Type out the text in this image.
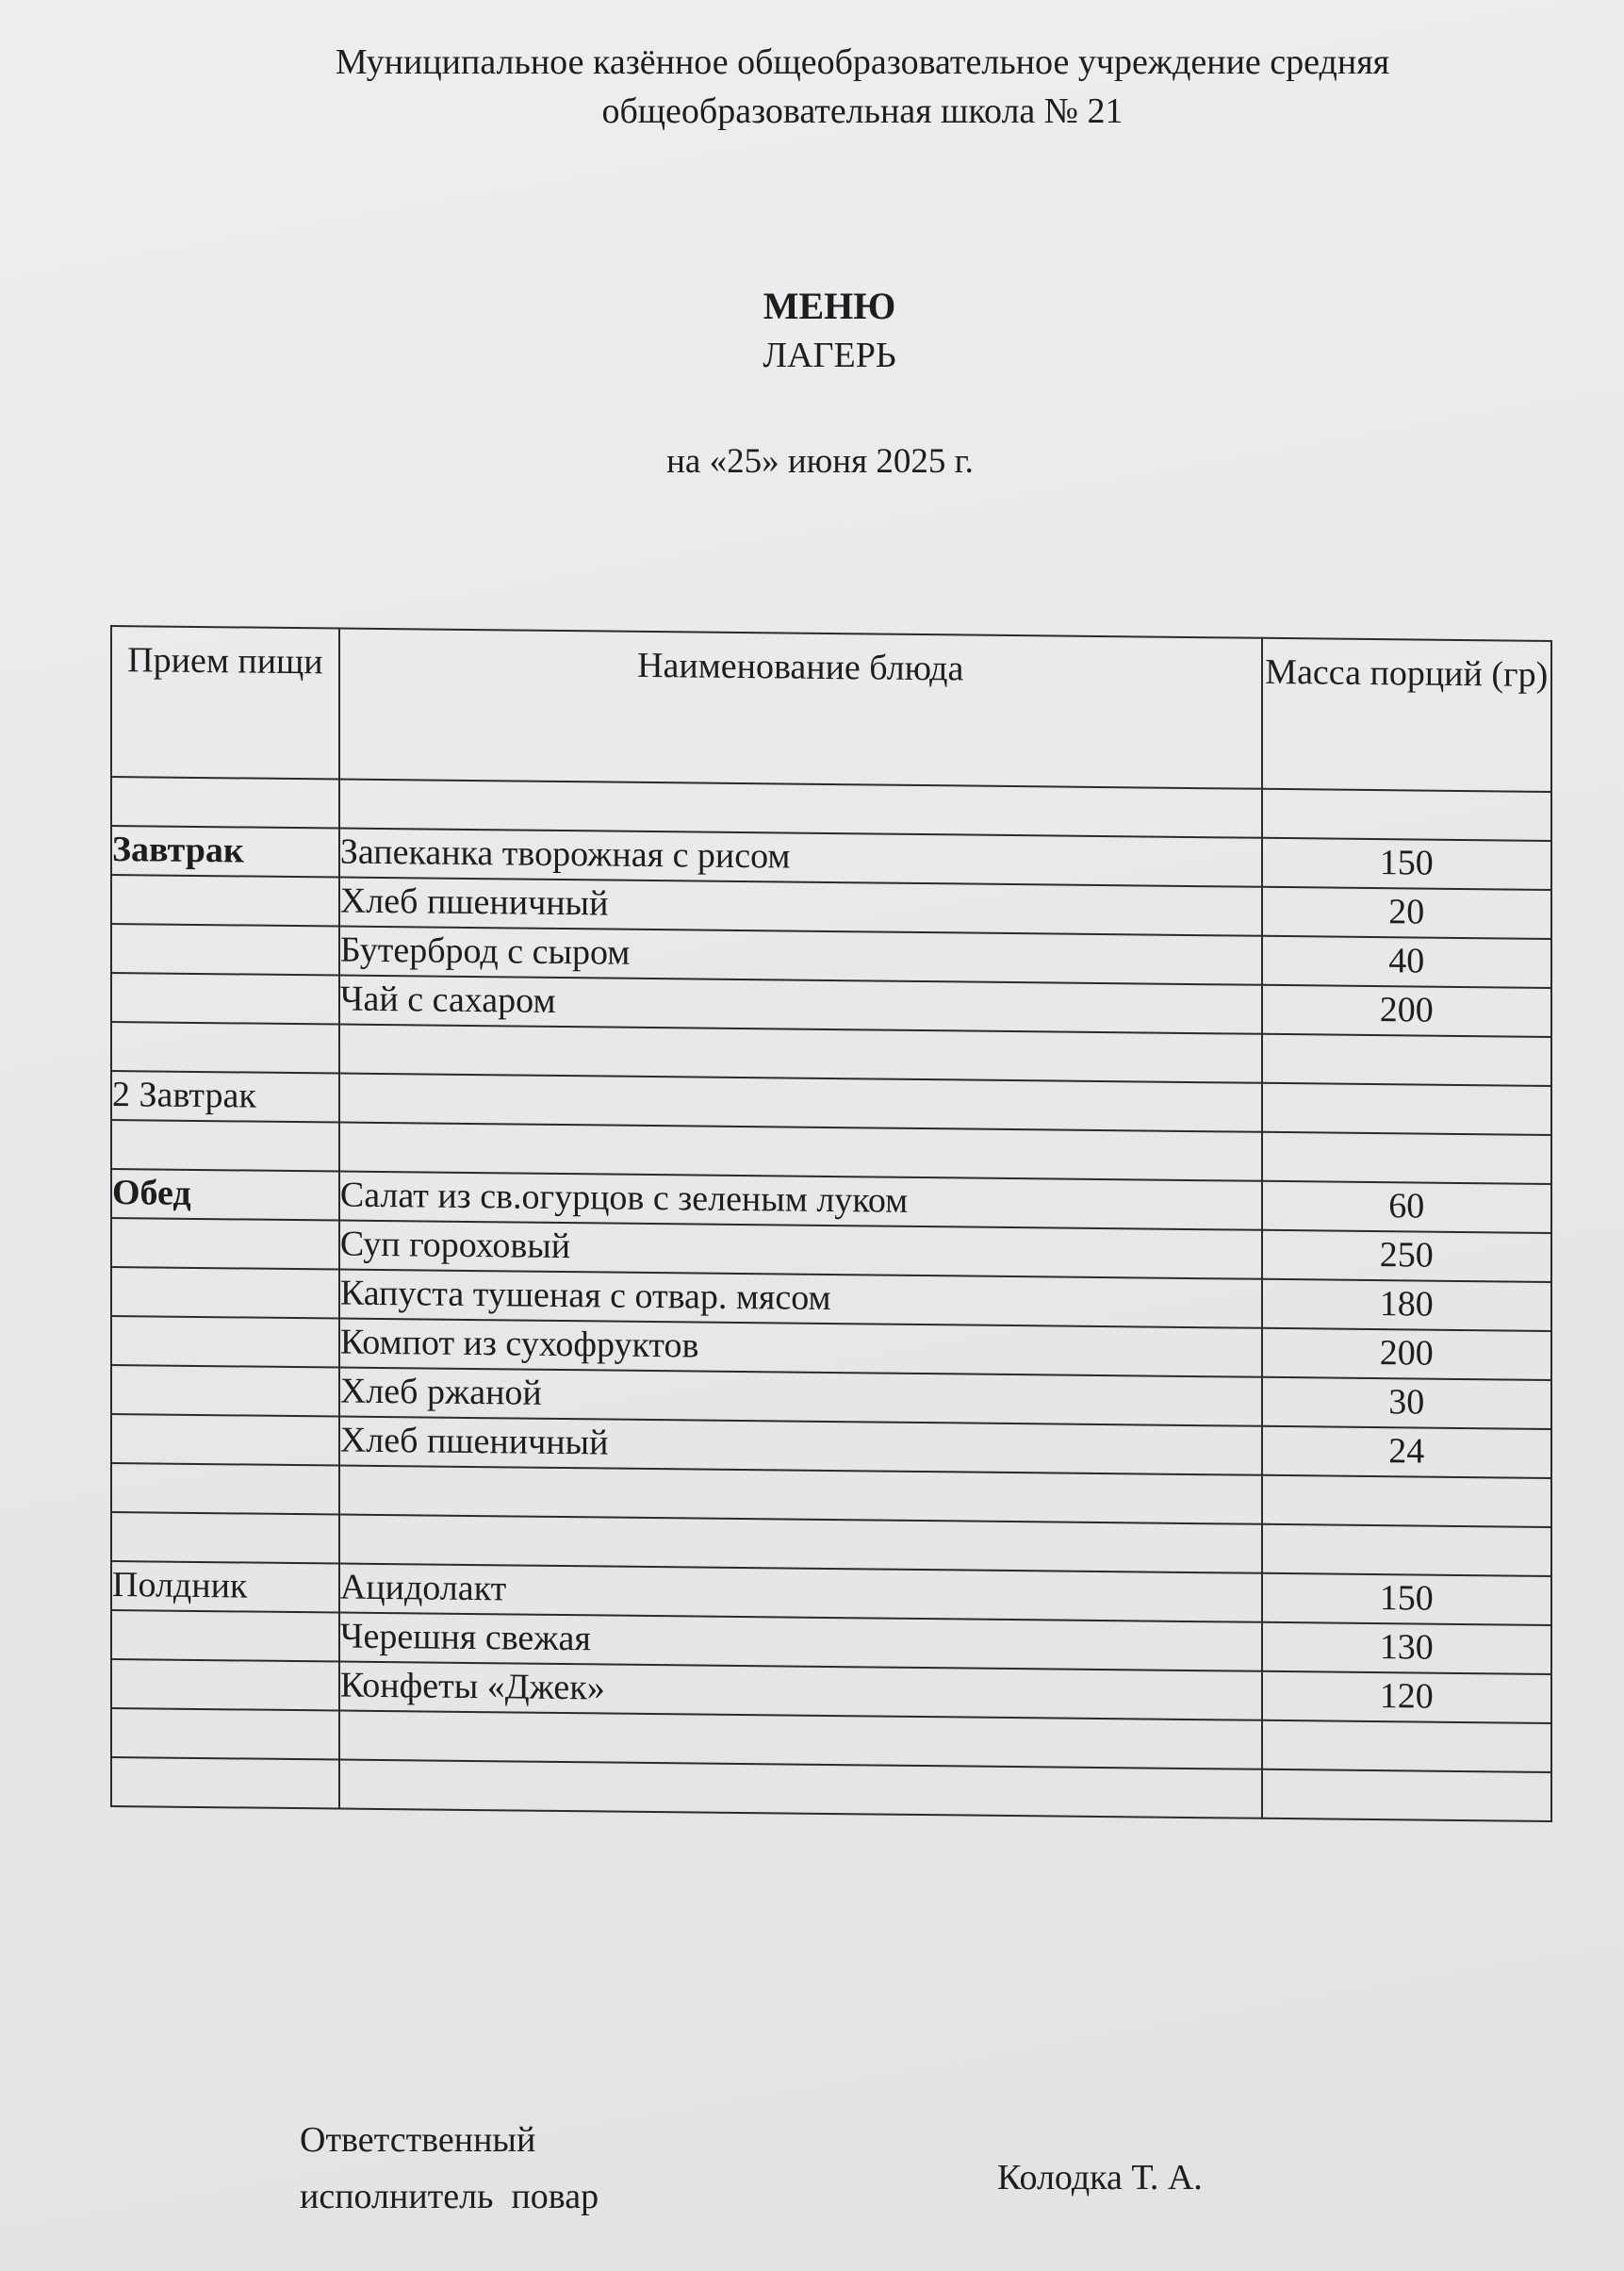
Муниципальное казённое общеобразовательное учреждение средняя
общеобразовательная школа № 21
МЕНЮ
ЛАГЕРЬ
на «25» июня 2025 г.
Прием пищи	Наименование блюда	Масса порций (гр)

Завтрак	Запеканка творожная с рисом	150
	Хлеб пшеничный	20
	Бутерброд с сыром	40
	Чай с сахаром	200

2 Завтрак		

Обед	Салат из св.огурцов с зеленым луком	60
	Суп гороховый	250
	Капуста тушеная с отвар. мясом	180
	Компот из сухофруктов	200
	Хлеб ржаной	30
	Хлеб пшеничный	24

Полдник	Ацидолакт	150
	Черешня свежая	130
	Конфеты «Джек»	120

Ответственный
исполнитель  повар	Колодка Т. А.
